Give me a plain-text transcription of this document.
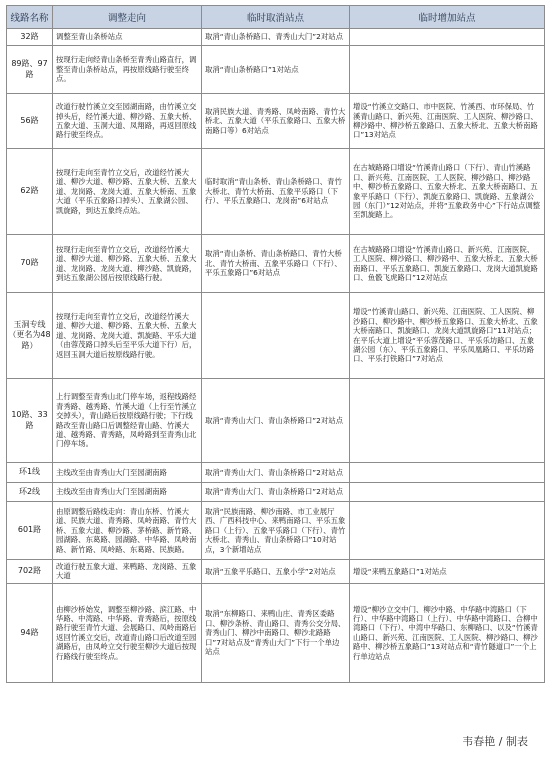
线路名称	调整走向	临时取消站点	临时增加站点
32路	调整至青山条桥站点	取消“青山条桥路口、青秀山大门”2对站点	
89路、97路	按现行走向经青山条桥至青秀山路直行，调整至青山条桥站点，再按原线路行驶至终点。	取消“青山条桥路口”1对站点	
56路	改道行驶竹溪立交至园湖南路，由竹溪立交掉头后，经竹溪大道、柳沙路、五象大桥、五象大道、玉洞大道、凤翔路，再返回原线路行驶至终点。	取消民族大道、青秀路、凤岭南路、青竹大桥北、五象大道（平乐五象路口、五象大桥南路口等）6对站点	增设“竹溪立交路口、市中医院、竹溪西、市环保局、竹溪青山路口、新兴苑、江南医院、工人医院、柳沙路口、柳沙路中、柳沙桥五象路口、五象大桥北、五象大桥南路口”13对站点
62路	按现行走向至青竹立交后，改道经竹溪大道、柳沙大道、柳沙路、五象大桥、五象大道、龙岗路、龙岗大道、五象大桥南、五象大道（平乐五象路口掉头）、五象湖公园、凯旋路，到达五象终点站。	临时取消“青山条桥、青山条桥路口、青竹大桥北、青竹大桥南、五象平乐路口（下行）、平乐五象路口、龙岗南”6对站点	在古城路路口增设“竹溪青山路口（下行）、青山竹溪路口、新兴苑、江南医院、工人医院、柳沙路口、柳沙路中、柳沙桥五象路口、五象大桥北、五象大桥南路口、五象平乐路口（下行）、凯旋五象路口、凯旋路、五象湖公园（东门）”12对站点，并将“五象政务中心”下行站点调整至凯旋路上。
70路	按现行走向至青竹立交后，改道经竹溪大道、柳沙大道、柳沙路、五象大桥、五象大道、龙岗路、龙岗大道、柳沙路、凯旋路，到达五象湖公园后按原线路行驶。	取消“青山条桥、青山条桥路口、青竹大桥北、青竹大桥南、五象平乐路口（下行）、平乐五象路口”6对站点	在古城路路口增设“竹溪青山路口、新兴苑、江南医院、工人医院、柳沙路口、柳沙路中、五象大桥北、五象大桥南路口、平乐五象路口、凯旋五象路口、龙岗大道凯旋路口、鱼骰飞虎路口”12对站点
玉洞专线（更名为48路）	按现行走向至青竹立交后，改道经竹溪大道、柳沙大道、柳沙路、五象大桥、五象大道、龙岗路、龙岗大道、凯旋路、平乐大道（由蓉茂路口掉头后至平乐大道下行）后，返回玉洞大道后按原线路行驶。		增设“竹溪青山路口、新兴苑、江南医院、工人医院、柳沙路口、柳沙路中、柳沙桥五象路口、五象大桥北、五象大桥南路口、凯旋路口、龙岗大道凯旋路口”11对站点；在平乐大道上增设“平乐蓉茂路口、平乐乐坊路口、五象湖公园（东）、平乐五象路口、平乐凤凰路口、平乐坊路口、平乐打铁路口”7对站点
10路、33路	上行调整至青秀山北门停车场，返程线路经青秀路、越秀路、竹溪大道（上行至竹溪立交掉头），青山路后按原线路行驶；下行线路改至青山路口后调整经青山路、竹溪大道、越秀路、青秀路，凤岭路到至青秀山北门停车场。	取消“青秀山大门、青山条桥路口”2对站点	
环1线	主线改至由青秀山大门至园湖南路	取消“青秀山大门、青山条桥路口”2对站点	
环2线	主线改至由青秀山大门至园湖南路	取消“青秀山大门、青山条桥路口”2对站点	
601路	由原调整后路线走向：青山东桥、竹溪大道、民族大道、青秀路、凤岭南路、青竹大桥、五象大道、柳沙路、茅桥路、新竹路、园湖路、东葛路、园湖路、中华路、凤岭南路、新竹路、凤岭路、东葛路、民族路。	取消“民族南路、柳沙南路、市工业展厅西、广西科技中心、来鸭南路口、平乐五象路口（上行）、五象平乐路口（下行）、青竹大桥北、青秀山、青山条桥路口”10对站点，3个新增站点	
702路	改道行驶五象大道、来鸭路、龙岗路、五象大道	取消“五象平乐路口、五象小学”2对站点	增设“来鸭五象路口”1对站点
94路	由柳沙桥始发，调整至柳沙路、滨江路、中华路、中湾路、中华路、青秀路后，按原线路行驶至青竹大道、会展路口、凤岭南路后返回竹溪立交后，改道青山路口后改道至园湖路后，由凤岭立交行驶至柳沙大道后按现行路线行驶至终点。	取消“东柳路口、来鸭山庄、青秀区委路口、柳沙条桥、青山路口、青秀公交分局、青秀山门、柳沙中南路口、柳沙北路路口”7对站点及“青秀山大门”下行一个单边站点	增设“柳沙立交中门、柳沙中路、中华路中湾路口（下行）、中华路中湾路口（上行）、中华路中湾路口、合柳中湾路口（下行）、中湾中华路口、东柳路口、以及“竹溪青山路口、新兴苑、江南医院、工人医院、柳沙路口、柳沙路中、柳沙桥五象路口”13对站点和“青竹隧道口”一个上行单边站点
韦春艳 / 制表
